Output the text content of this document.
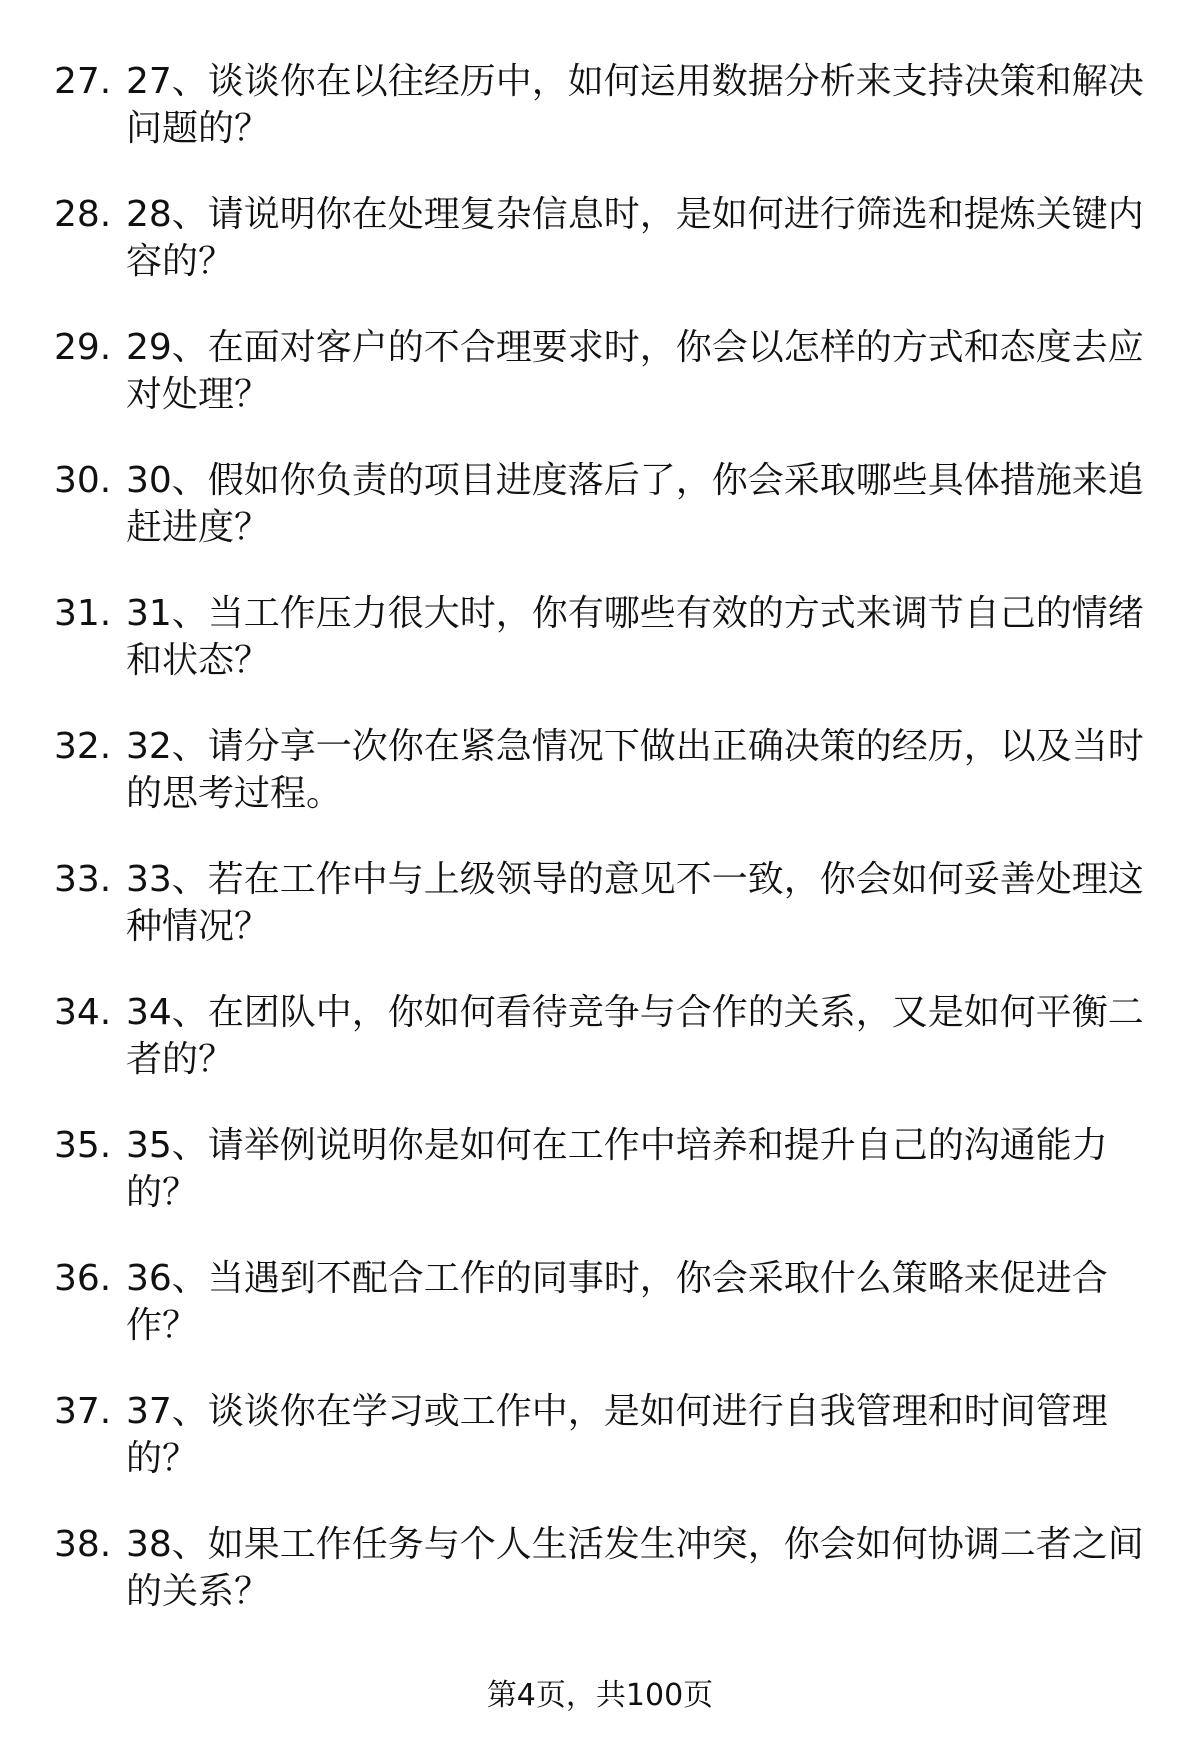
27. 27、谈谈你在以往经历中，如何运用数据分析来支持决策和解决问题的？
28. 28、请说明你在处理复杂信息时，是如何进行筛选和提炼关键内容的？
29. 29、在面对客户的不合理要求时，你会以怎样的方式和态度去应对处理？
30. 30、假如你负责的项目进度落后了，你会采取哪些具体措施来追赶进度？
31. 31、当工作压力很大时，你有哪些有效的方式来调节自己的情绪和状态？
32. 32、请分享一次你在紧急情况下做出正确决策的经历，以及当时的思考过程。
33. 33、若在工作中与上级领导的意见不一致，你会如何妥善处理这种情况？
34. 34、在团队中，你如何看待竞争与合作的关系，又是如何平衡二者的？
35. 35、请举例说明你是如何在工作中培养和提升自己的沟通能力的？
36. 36、当遇到不配合工作的同事时，你会采取什么策略来促进合作？
37. 37、谈谈你在学习或工作中，是如何进行自我管理和时间管理的？
38. 38、如果工作任务与个人生活发生冲突，你会如何协调二者之间的关系？
第4页，共100页
